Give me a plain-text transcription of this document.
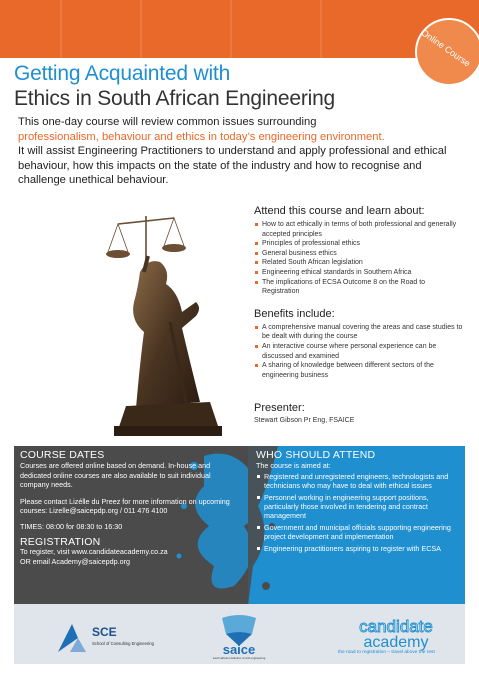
Online Course
Getting Acquainted with
Ethics in South African Engineering

This one-day course will review common issues surrounding

professionalism, behaviour and ethics in today’s engineering environment.

It will assist Engineering Practitioners to understand and apply professional and ethical behaviour, how this impacts on the state of the industry and how to recognise and challenge unethical behaviour.

Attend this course and learn about:
How to act ethically in terms of both professional and generally accepted principles
Principles of professional ethics
General business ethics
Related South African legislation
Engineering ethical standards in Southern Africa
The implications of ECSA Outcome 8 on the Road to Registration
Benefits include:
A comprehensive manual covering the areas and case studies to be dealt with during the course
An interactive course where personal experience can be discussed and examined
A sharing of knowledge between different sectors of the engineering business
Presenter:
Stewart Gibson Pr Eng, FSAICE
COURSE DATES

Courses are offered online based on demand. In-house and dedicated online courses are also available to suit individual company needs.

Please contact Lizélle du Preez for more information on upcoming courses: Lizelle@saicepdp.org / 011 476 4100

TIMES: 08:00 for 08:30 to 16:30

REGISTRATION

To register, visit www.candidateacademy.co.za

OR email Academy@saicepdp.org

WHO SHOULD ATTEND

The course is aimed at:

Registered and unregistered engineers, technologists and technicians who may have to deal with ethical issues
Personnel working in engineering support positions, particularly those involved in tendering and contract management
Government and municipal officials supporting engineering project development and implementation
Engineering practitioners aspiring to register with ECSA
SCE
School of Consulting Engineering	saice
south african institution of civil engineering
candidate
academy
the road to registration – travel above the rest
